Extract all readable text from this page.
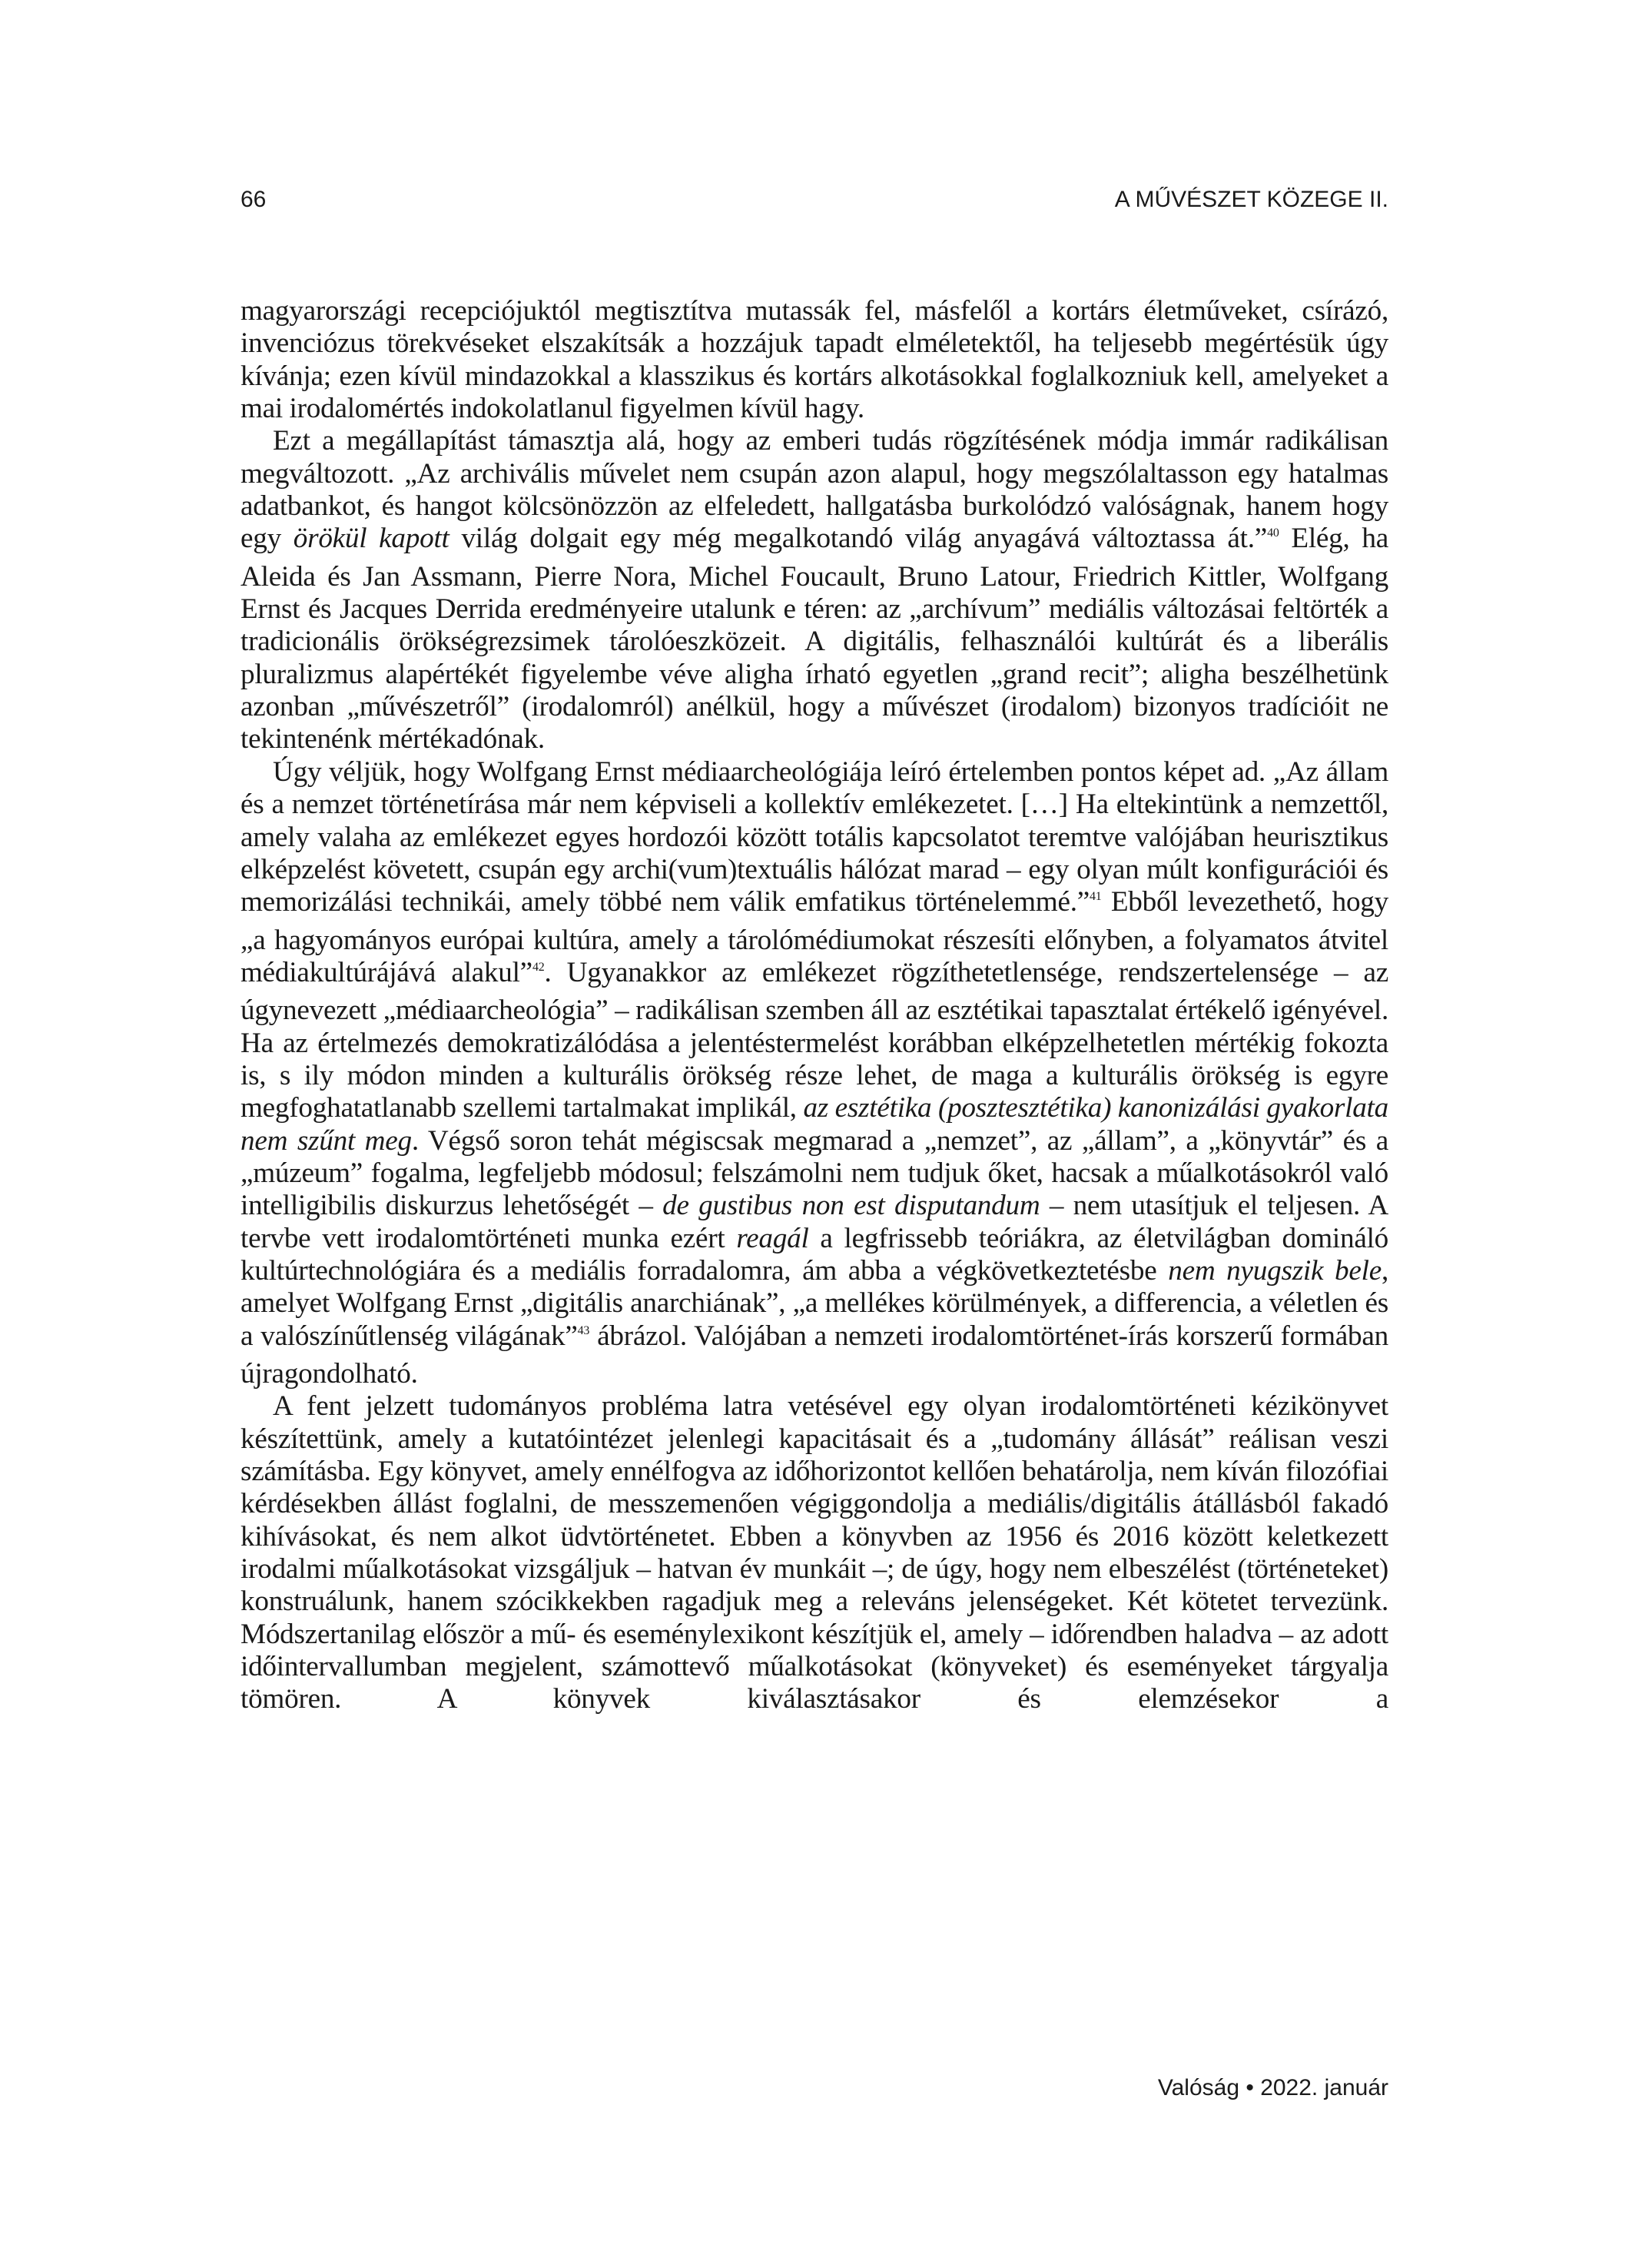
66	A MŰVÉSZET KÖZEGE II.

magyarországi recepciójuktól megtisztítva mutassák fel, másfelől a kortárs életműveket, csírázó, invenciózus törekvéseket elszakítsák a hozzájuk tapadt elméletektől, ha teljesebb megértésük úgy kívánja; ezen kívül mindazokkal a klasszikus és kortárs alkotásokkal foglalkozniuk kell, amelyeket a mai irodalomértés indokolatlanul figyelmen kívül hagy.

Ezt a megállapítást támasztja alá, hogy az emberi tudás rögzítésének módja immár radikálisan megváltozott. „Az archivális művelet nem csupán azon alapul, hogy megszólaltasson egy hatalmas adatbankot, és hangot kölcsönözzön az elfeledett, hallgatásba burkolódzó valóságnak, hanem hogy egy örökül kapott világ dolgait egy még megalkotandó világ anyagává változtassa át.”$^{40}$ Elég, ha Aleida és Jan Assmann, Pierre Nora, Michel Foucault, Bruno Latour, Friedrich Kittler, Wolfgang Ernst és Jacques Derrida eredményeire utalunk e téren: az „archívum” mediális változásai feltörték a tradicionális örökségrezsimek tárolóeszközeit. A digitális, felhasználói kultúrát és a liberális pluralizmus alapértékét figyelembe véve aligha írható egyetlen „grand recit”; aligha beszélhetünk azonban „művészetről” (irodalomról) anélkül, hogy a művészet (irodalom) bizonyos tradícióit ne tekintenénk mértékadónak.

Úgy véljük, hogy Wolfgang Ernst médiaarcheológiája leíró értelemben pontos képet ad. „Az állam és a nemzet történetírása már nem képviseli a kollektív emlékezetet. […] Ha eltekintünk a nemzettől, amely valaha az emlékezet egyes hordozói között totális kapcsolatot teremtve valójában heurisztikus elképzelést követett, csupán egy archi(vum)textuális hálózat marad – egy olyan múlt konfigurációi és memorizálási technikái, amely többé nem válik emfatikus történelemmé.”$^{41}$ Ebből levezethető, hogy „a hagyományos európai kultúra, amely a tárolómédiumokat részesíti előnyben, a folyamatos átvitel médiakultúrájává alakul”$^{42}$. Ugyanakkor az emlékezet rögzíthetetlensége, rendszertelensége – az úgynevezett „médiaarcheológia” – radikálisan szemben áll az esztétikai tapasztalat értékelő igényével. Ha az értelmezés demokratizálódása a jelentéstermelést korábban elképzelhetetlen mértékig fokozta is, s ily módon minden a kulturális örökség része lehet, de maga a kulturális örökség is egyre megfoghatatlanabb szellemi tartalmakat implikál, az esztétika (posztesztétika) kanonizálási gyakorlata nem szűnt meg. Végső soron tehát mégiscsak megmarad a „nemzet”, az „állam”, a „könyvtár” és a „múzeum” fogalma, legfeljebb módosul; felszámolni nem tudjuk őket, hacsak a műalkotásokról való intelligibilis diskurzus lehetőségét – de gustibus non est disputandum – nem utasítjuk el teljesen. A tervbe vett irodalomtörténeti munka ezért reagál a legfrissebb teóriákra, az életvilágban domináló kultúrtechnológiára és a mediális forradalomra, ám abba a végkövetkeztetésbe nem nyugszik bele, amelyet Wolfgang Ernst „digitális anarchiának”, „a mellékes körülmények, a differencia, a véletlen és a valószínűtlenség világának”$^{43}$ ábrázol. Valójában a nemzeti irodalomtörténet-írás korszerű formában újragondolható.

A fent jelzett tudományos probléma latra vetésével egy olyan irodalomtörténeti kézikönyvet készítettünk, amely a kutatóintézet jelenlegi kapacitásait és a „tudomány állását” reálisan veszi számításba. Egy könyvet, amely ennélfogva az időhorizontot kellően behatárolja, nem kíván filozófiai kérdésekben állást foglalni, de messzemenően végiggondolja a mediális/digitális átállásból fakadó kihívásokat, és nem alkot üdvtörténetet. Ebben a könyvben az 1956 és 2016 között keletkezett irodalmi műalkotásokat vizsgáljuk – hatvan év munkáit –; de úgy, hogy nem elbeszélést (történeteket) konstruálunk, hanem szócikkekben ragadjuk meg a releváns jelenségeket. Két kötetet tervezünk. Módszertanilag először a mű- és eseménylexikont készítjük el, amely – időrendben haladva – az adott időintervallumban megjelent, számottevő műalkotásokat (könyveket) és eseményeket tárgyalja tömören. A könyvek kiválasztásakor és elemzésekor a

Valóság • 2022. január
